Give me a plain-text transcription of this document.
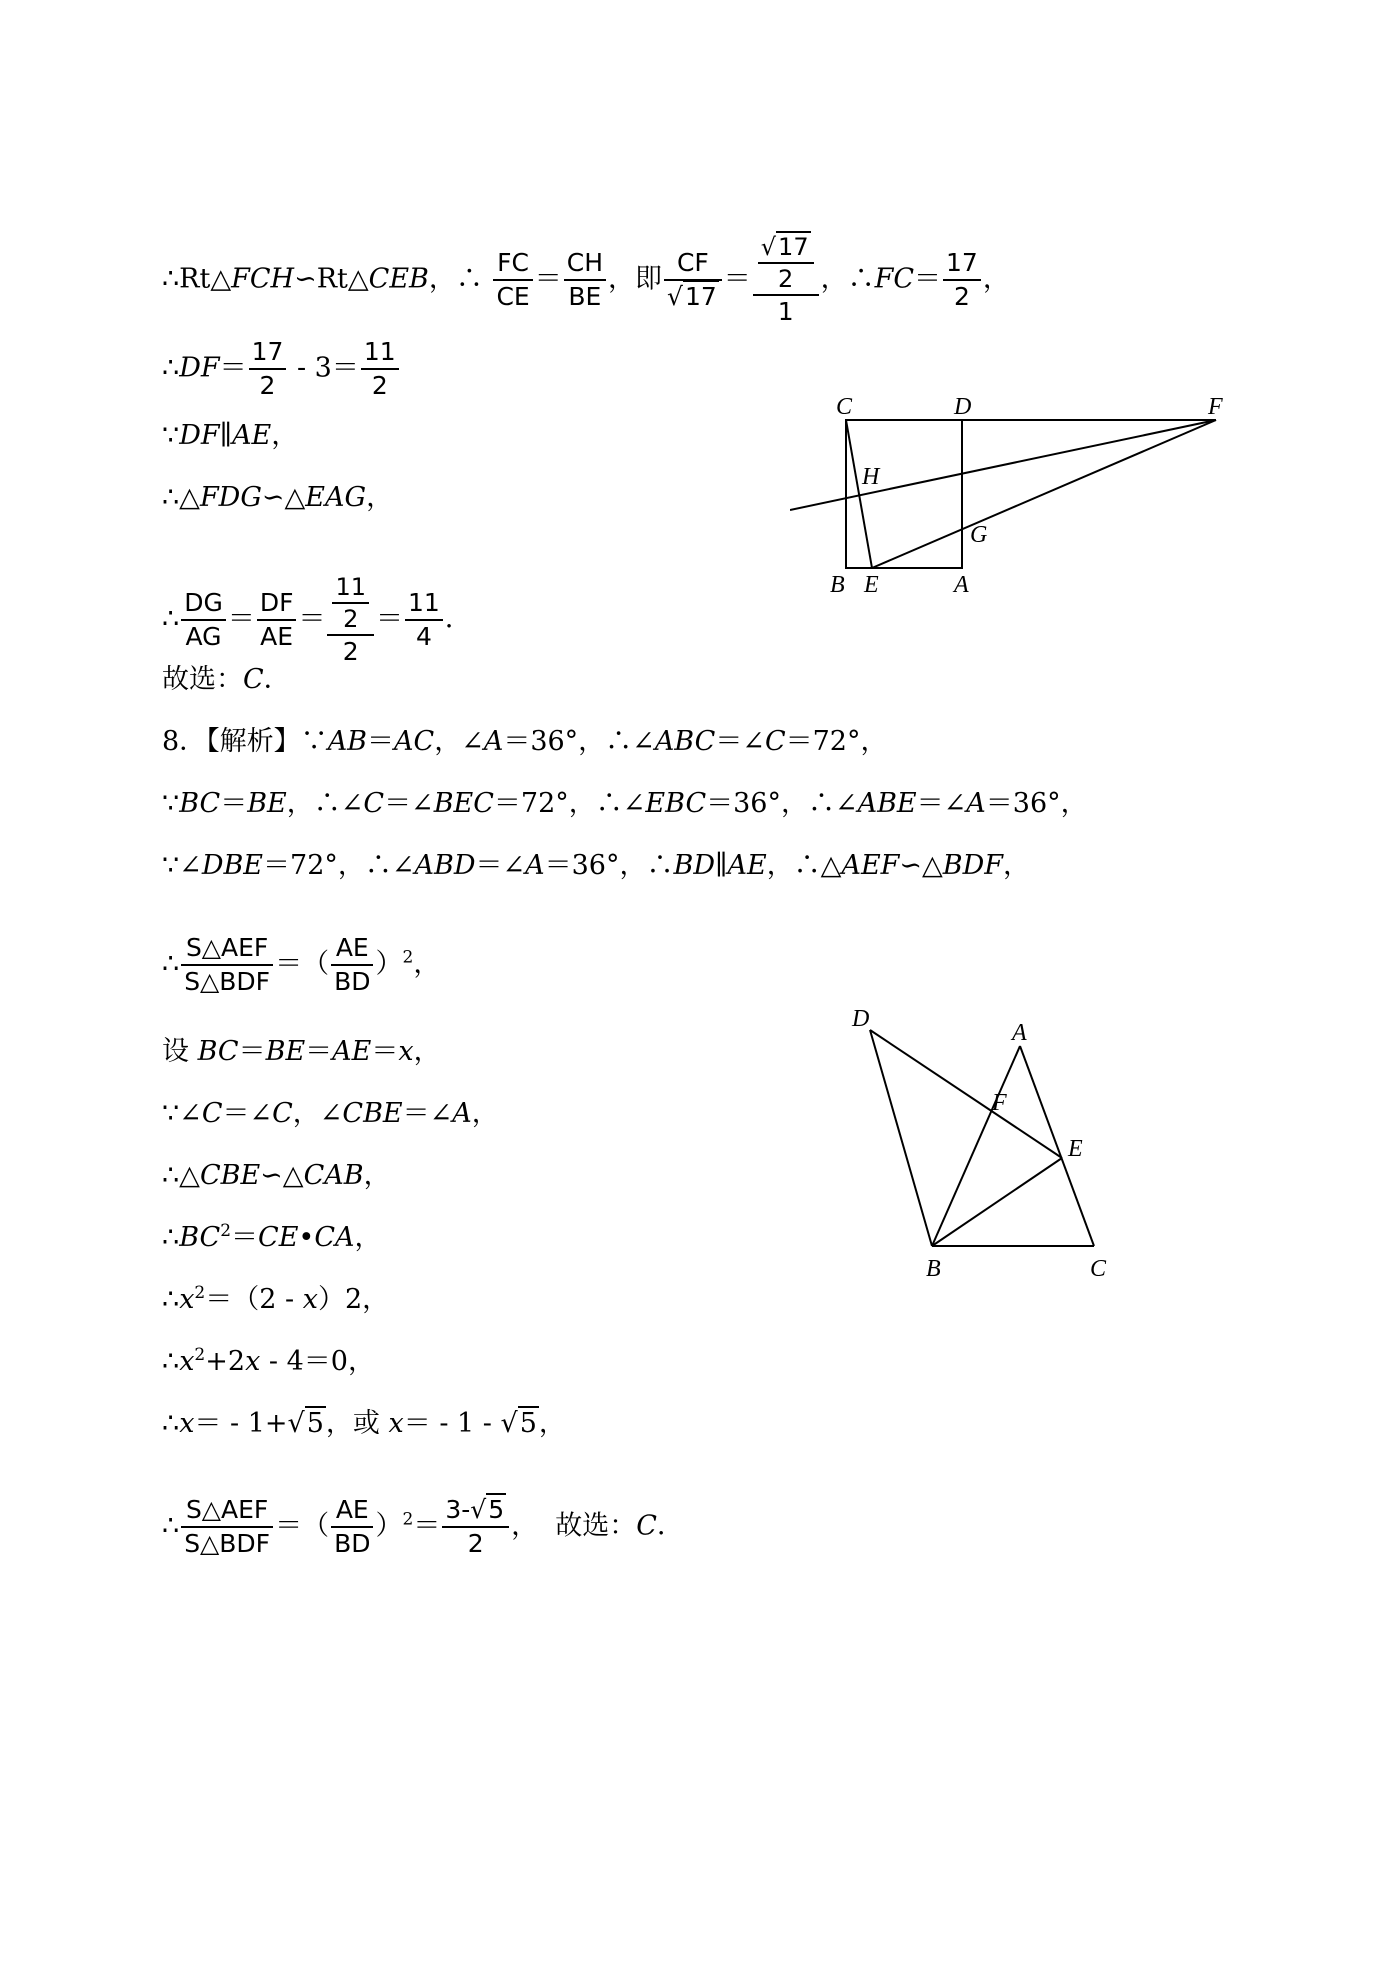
∴Rt△FCH∽Rt△CEB，∴ $\frac{FC}{CE} = \frac{CH}{BE}$ ，即 $\frac{CF}{√17} = \frac{\frac{√17}{2}}{1}$ ，∴FC＝ $\frac{17}{2}$ ，
∴DF＝ $\frac{17}{2} - 3= \frac{11}{2}$
∵DF∥AE，
∴△FDG∽△EAG，
∴ $\frac{DG}{AG} = \frac{DF}{AE} = \frac{\frac{11}{2}}{2} = \frac{11}{4}$ ．
故选：C．
C	D	F
H
G
B E	A
8．【解析】∵AB＝AC，∠A＝36°，∴∠ABC＝∠C＝72°，
∵BC＝BE，∴∠C＝∠BEC＝72°，∴∠EBC＝36°，∴∠ABE＝∠A＝36°，
∵∠DBE＝72°，∴∠ABD＝∠A＝36°，∴BD∥AE，∴△AEF∽△BDF，
∴ $\frac{\text{S△AEF}}{\text{S△BDF}}$ ＝（ $\frac{AE}{BD} )^2$，
设 BC＝BE＝AE＝x，
∵∠C＝∠C，∠CBE＝∠A，
∴△CBE∽△CAB，
$\therefore BC^2=CE•CA$，
$\therefore x^2=(2 - x)2$，
$\therefore x^2+2x - 4=0$，
∴x＝ - 1+√5，或 x＝ - 1 - √5，
∴ $\frac{\text{S△AEF}}{\text{S△BDF}}$ ＝（ $\frac{AE}{BD} )^2= \frac{3-√5}{2}$ ， 故选：C．
D
A
F
E
B	C
